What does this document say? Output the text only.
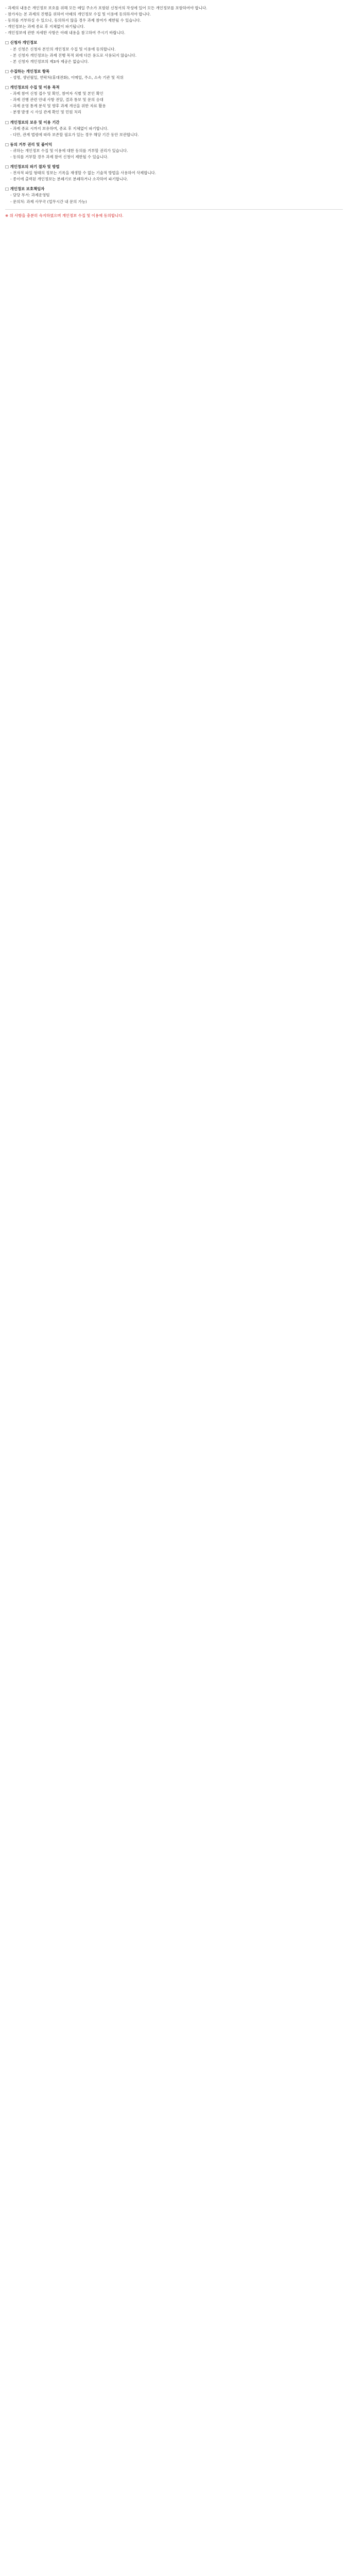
- 과제의 내용은 개인정보 보호를 위해 모든 메일 주소가 포함된 신청서의 작성에 있어 모든 개인정보를 포함하여야 합니다.
- 참가자는 본 과제의 진행을 위하여 아래의 개인정보 수집 및 이용에 동의하셔야 합니다.
- 동의를 거부하실 수 있으나, 동의하지 않을 경우 과제 참여가 제한될 수 있습니다.
- 개인정보는 과제 종료 후 지체없이 파기됩니다.
- 개인정보에 관한 자세한 사항은 아래 내용을 참고하여 주시기 바랍니다.
□ 신청자 개인정보
- 본 신청은 신청자 본인의 개인정보 수집 및 이용에 동의합니다.
- 본 신청자 개인정보는 과제 진행 목적 외에 다른 용도로 사용되지 않습니다.
- 본 신청자 개인정보의 제3자 제공은 없습니다.
□ 수집하는 개인정보 항목
- 성명, 생년월일, 연락처(휴대전화), 이메일, 주소, 소속 기관 및 직위
□ 개인정보의 수집 및 이용 목적
- 과제 참여 신청 접수 및 확인, 참여자 식별 및 본인 확인
- 과제 진행 관련 안내 사항 전달, 결과 통보 및 문의 응대
- 과제 운영 통계 분석 및 향후 과제 개선을 위한 자료 활용
- 분쟁 발생 시 사실 관계 확인 및 민원 처리
□ 개인정보의 보유 및 이용 기간
- 과제 종료 시까지 보유하며, 종료 후 지체없이 파기합니다.
- 다만, 관계 법령에 따라 보존할 필요가 있는 경우 해당 기간 동안 보관합니다.
□ 동의 거부 권리 및 불이익
- 귀하는 개인정보 수집 및 이용에 대한 동의를 거부할 권리가 있습니다.
- 동의를 거부할 경우 과제 참여 신청이 제한될 수 있습니다.
□ 개인정보의 파기 절차 및 방법
- 전자적 파일 형태의 정보는 기록을 재생할 수 없는 기술적 방법을 사용하여 삭제합니다.
- 종이에 출력된 개인정보는 분쇄기로 분쇄하거나 소각하여 파기합니다.
□ 개인정보 보호책임자
- 담당 부서: 과제운영팀
- 문의처: 과제 사무국 (업무시간 내 문의 가능)
※ 위 사항을 충분히 숙지하였으며 개인정보 수집 및 이용에 동의합니다.
